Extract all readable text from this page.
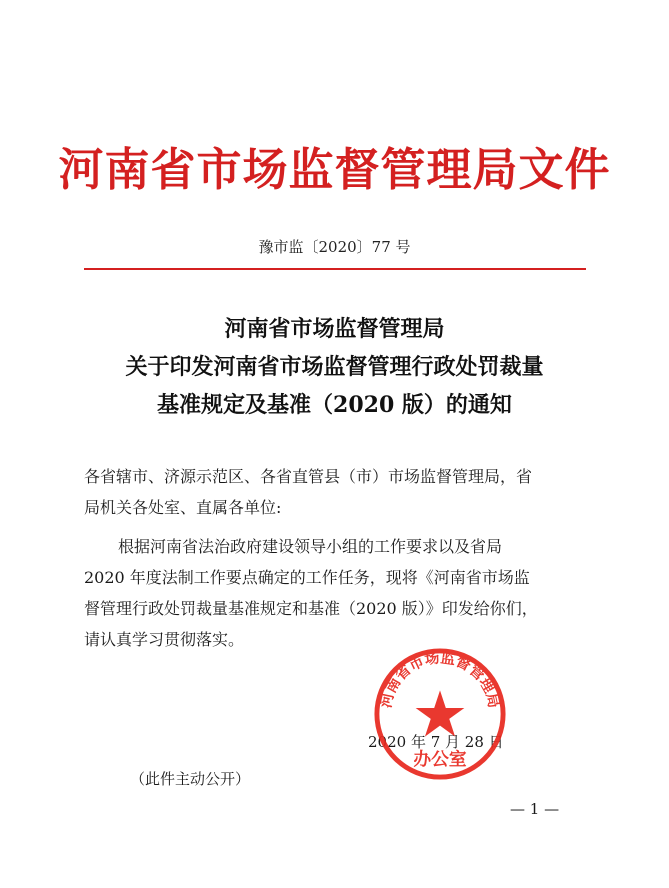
河南省市场监督管理局文件
豫市监〔2020〕77 号
河南省市场监督管理局
关于印发河南省市场监督管理行政处罚裁量
基准规定及基准（2020 版）的通知
各省辖市、济源示范区、各省直管县（市）市场监督管理局，省
局机关各处室、直属各单位:
根据河南省法治政府建设领导小组的工作要求以及省局
2020 年度法制工作要点确定的工作任务，现将《河南省市场监
督管理行政处罚裁量基准规定和基准（2020 版）》印发给你们，
请认真学习贯彻落实。
2020 年 7 月 28 日
河南省市场监督管理局
办公室
（此件主动公开）
— 1 —
